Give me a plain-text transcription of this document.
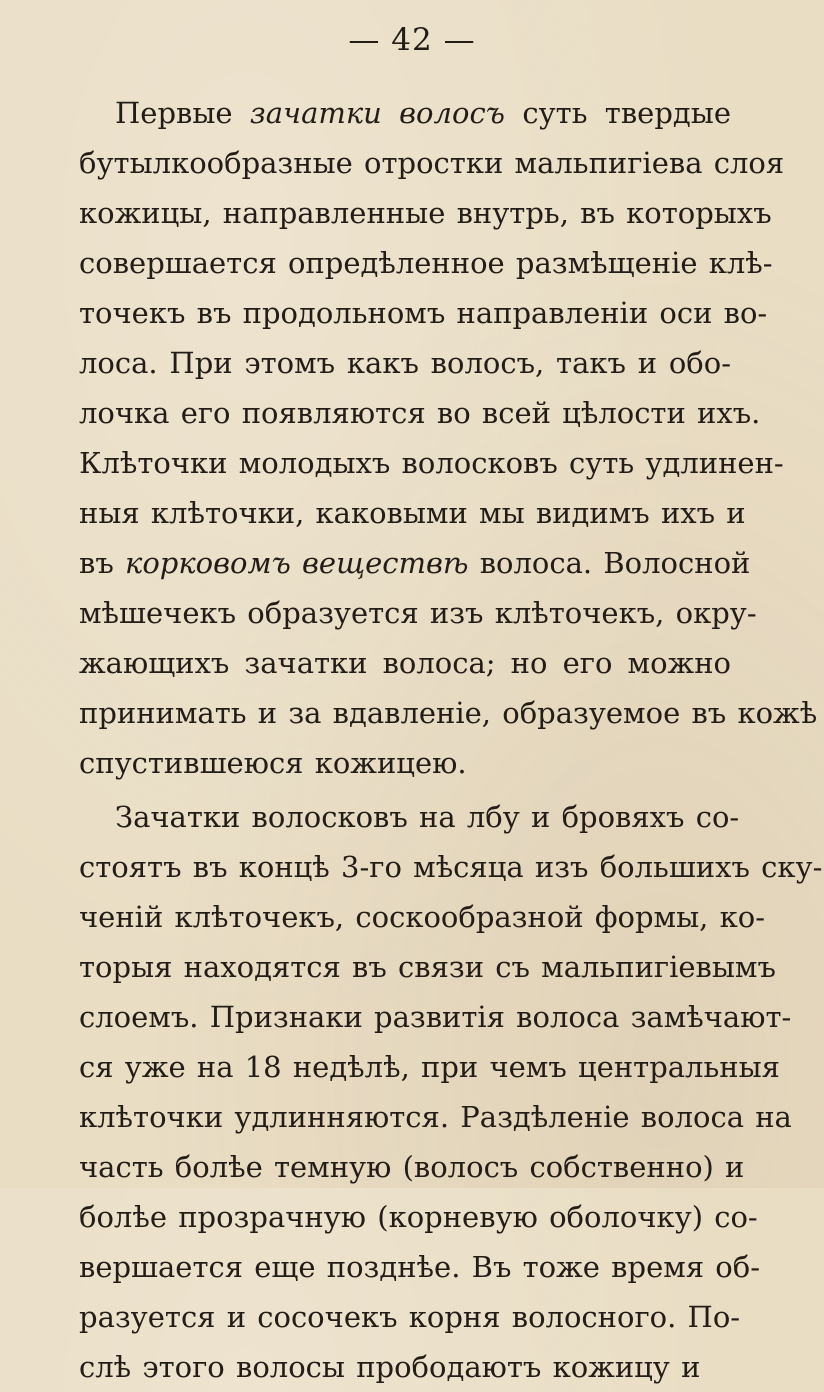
— 42 —
Первые зачатки волосъ суть твердые
бутылкообразные отростки мальпигіева слоя
кожицы, направленные внутрь, въ которыхъ
совершается опредѣленное размѣщеніе клѣ-
точекъ въ продольномъ направленіи оси во-
лоса. При этомъ какъ волосъ, такъ и обо-
лочка его появляются во всей цѣлости ихъ.
Клѣточки молодыхъ волосковъ суть удлинен-
ныя клѣточки, каковыми мы видимъ ихъ и
въ корковомъ веществѣ волоса. Волосной
мѣшечекъ образуется изъ клѣточекъ, окру-
жающихъ зачатки волоса; но его можно
принимать и за вдавленіе, образуемое въ кожѣ
спустившеюся кожицею.
Зачатки волосковъ на лбу и бровяхъ со-
стоятъ въ концѣ 3-го мѣсяца изъ большихъ ску-
ченій клѣточекъ, соскообразной формы, ко-
торыя находятся въ связи съ мальпигіевымъ
слоемъ. Признаки развитія волоса замѣчают-
ся уже на 18 недѣлѣ, при чемъ центральныя
клѣточки удлинняются. Раздѣленіе волоса на
часть болѣе темную (волосъ собственно) и
болѣе прозрачную (корневую оболочку) со-
вершается еще позднѣе. Въ тоже время об-
разуется и сосочекъ корня волосного. По-
слѣ этого волосы прободаютъ кожицу и
